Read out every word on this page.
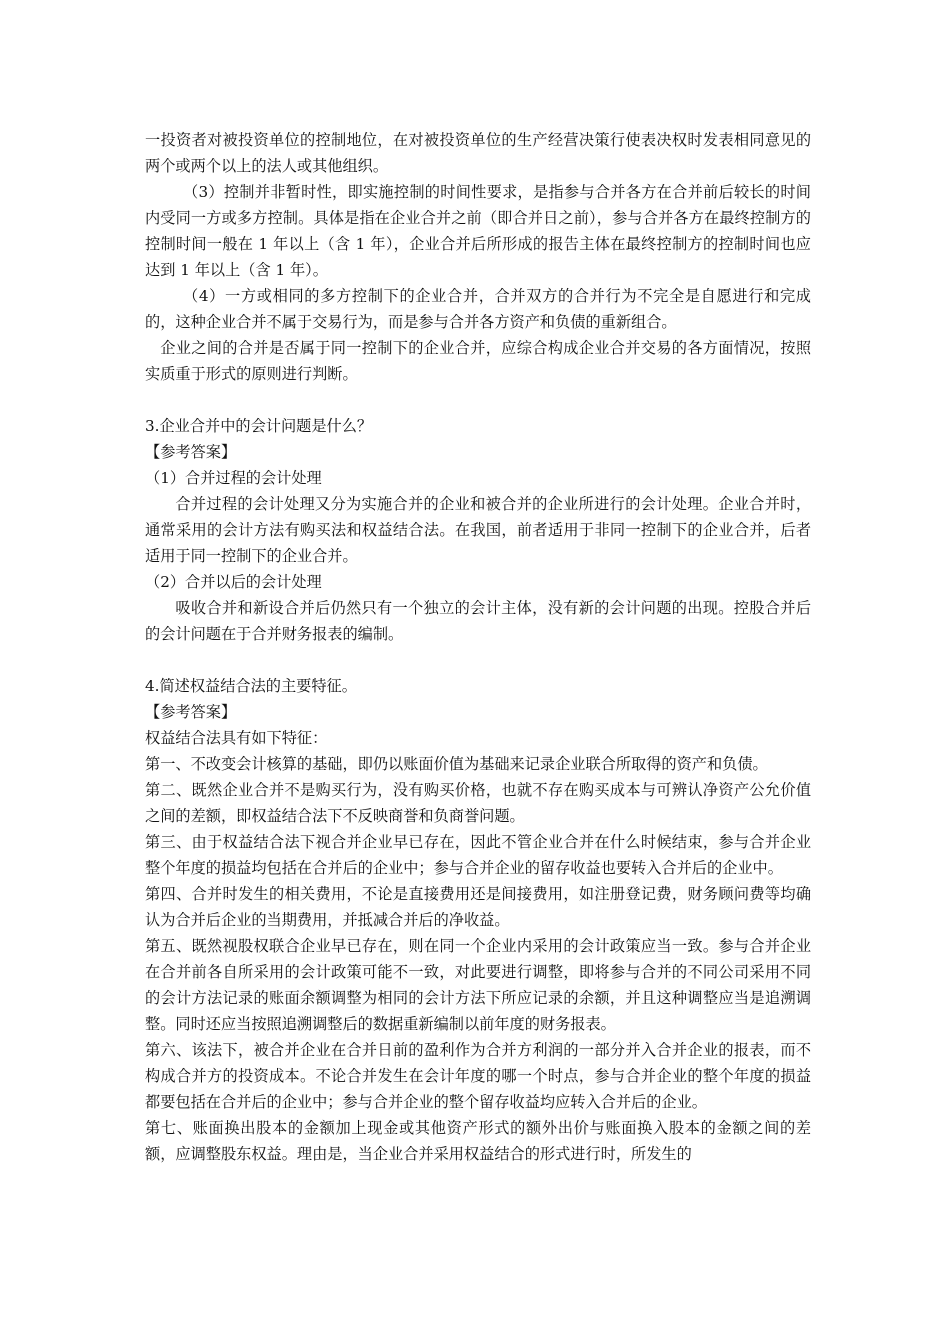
一投资者对被投资单位的控制地位，在对被投资单位的生产经营决策行使表决权时发表相同意见的两个或两个以上的法人或其他组织。

（3）控制并非暂时性，即实施控制的时间性要求，是指参与合并各方在合并前后较长的时间内受同一方或多方控制。具体是指在企业合并之前（即合并日之前），参与合并各方在最终控制方的控制时间一般在 1 年以上（含 1 年），企业合并后所形成的报告主体在最终控制方的控制时间也应达到 1 年以上（含 1 年）。

（4）一方或相同的多方控制下的企业合并，合并双方的合并行为不完全是自愿进行和完成的，这种企业合并不属于交易行为，而是参与合并各方资产和负债的重新组合。

企业之间的合并是否属于同一控制下的企业合并，应综合构成企业合并交易的各方面情况，按照实质重于形式的原则进行判断。

3.企业合并中的会计问题是什么？

【参考答案】

（1）合并过程的会计处理

合并过程的会计处理又分为实施合并的企业和被合并的企业所进行的会计处理。企业合并时，通常采用的会计方法有购买法和权益结合法。在我国，前者适用于非同一控制下的企业合并，后者适用于同一控制下的企业合并。

（2）合并以后的会计处理

吸收合并和新设合并后仍然只有一个独立的会计主体，没有新的会计问题的出现。控股合并后的会计问题在于合并财务报表的编制。

4.简述权益结合法的主要特征。

【参考答案】

权益结合法具有如下特征：

第一、不改变会计核算的基础，即仍以账面价值为基础来记录企业联合所取得的资产和负债。

第二、既然企业合并不是购买行为，没有购买价格，也就不存在购买成本与可辨认净资产公允价值之间的差额，即权益结合法下不反映商誉和负商誉问题。

第三、由于权益结合法下视合并企业早已存在，因此不管企业合并在什么时候结束，参与合并企业整个年度的损益均包括在合并后的企业中；参与合并企业的留存收益也要转入合并后的企业中。

第四、合并时发生的相关费用，不论是直接费用还是间接费用，如注册登记费，财务顾问费等均确认为合并后企业的当期费用，并抵减合并后的净收益。

第五、既然视股权联合企业早已存在，则在同一个企业内采用的会计政策应当一致。参与合并企业在合并前各自所采用的会计政策可能不一致，对此要进行调整，即将参与合并的不同公司采用不同的会计方法记录的账面余额调整为相同的会计方法下所应记录的余额，并且这种调整应当是追溯调整。同时还应当按照追溯调整后的数据重新编制以前年度的财务报表。

第六、该法下，被合并企业在合并日前的盈利作为合并方利润的一部分并入合并企业的报表，而不构成合并方的投资成本。不论合并发生在会计年度的哪一个时点，参与合并企业的整个年度的损益都要包括在合并后的企业中；参与合并企业的整个留存收益均应转入合并后的企业。

第七、账面换出股本的金额加上现金或其他资产形式的额外出价与账面换入股本的金额之间的差额，应调整股东权益。理由是，当企业合并采用权益结合的形式进行时，所发生的
